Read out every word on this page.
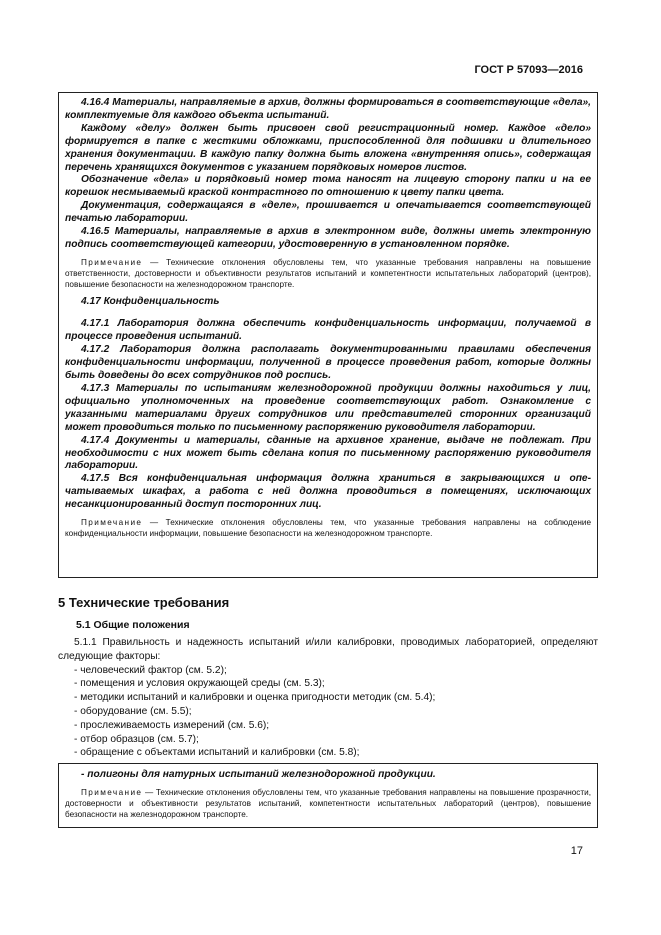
ГОСТ Р 57093—2016

4.16.4 Материалы, направляемые в архив, должны формироваться в соответствующие «дела», комплектуемые для каждого объекта испытаний.

Каждому «делу» должен быть присвоен свой регистрационный номер. Каждое «дело» формируется в папке с жесткими обложками, приспособленной для подшивки и длительного хранения документации. В каждую папку должна быть вложена «внутренняя опись», содержащая перечень хранящихся документов с указанием порядковых номеров листов.

Обозначение «дела» и порядковый номер тома наносят на лицевую сторону папки и на ее корешок несмываемый краской контрастного по отношению к цвету папки цвета.

Документация, содержащаяся в «деле», прошивается и опечатывается соответствующей печатью лаборатории.

4.16.5 Материалы, направляемые в архив в электронном виде, должны иметь электронную подпись соответствующей категории, удостоверенную в установленном порядке.

Примечание — Технические отклонения обусловлены тем, что указанные требования направлены на повышение ответственности, достоверности и объективности результатов испытаний и компетентности испытательных лабораторий (центров), повышение безопасности на железнодорожном транспорте.

4.17 Конфиденциальность

4.17.1 Лаборатория должна обеспечить конфиденциальность информации, получаемой в процессе проведения испытаний.

4.17.2 Лаборатория должна располагать документированными правилами обеспечения конфиденциальности информации, полученной в процессе проведения работ, которые должны быть доведены до всех сотрудников под роспись.

4.17.3 Материалы по испытаниям железнодорожной продукции должны находиться у лиц, официально уполномоченных на проведение соответствующих работ. Ознакомление с указанными материалами других сотрудников или представителей сторонних организаций может проводиться только по письменному распоряжению руководителя лаборатории.

4.17.4 Документы и материалы, сданные на архивное хранение, выдаче не подлежат. При необходимости с них может быть сделана копия по письменному распоряжению руководителя лаборатории.

4.17.5 Вся конфиденциальная информация должна храниться в закрывающихся и опечатываемых шкафах, а работа с ней должна проводиться в помещениях, исключающих несанкционированный доступ посторонних лиц.

Примечание — Технические отклонения обусловлены тем, что указанные требования направлены на соблюдение конфиденциальности информации, повышение безопасности на железнодорожном транспорте.

5 Технические требования
5.1 Общие положения

5.1.1 Правильность и надежность испытаний и/или калибровки, проводимых лабораторией, определяют следующие факторы:

- человеческий фактор (см. 5.2);
- помещения и условия окружающей среды (см. 5.3);
- методики испытаний и калибровки и оценка пригодности методик (см. 5.4);
- оборудование (см. 5.5);
- прослеживаемость измерений (см. 5.6);
- отбор образцов (см. 5.7);
- обращение с объектами испытаний и калибровки (см. 5.8);

- полигоны для натурных испытаний железнодорожной продукции.

Примечание — Технические отклонения обусловлены тем, что указанные требования направлены на повышение прозрачности, достоверности и объективности результатов испытаний, компетентности испытательных лабораторий (центров), повышение безопасности на железнодорожном транспорте.

17
